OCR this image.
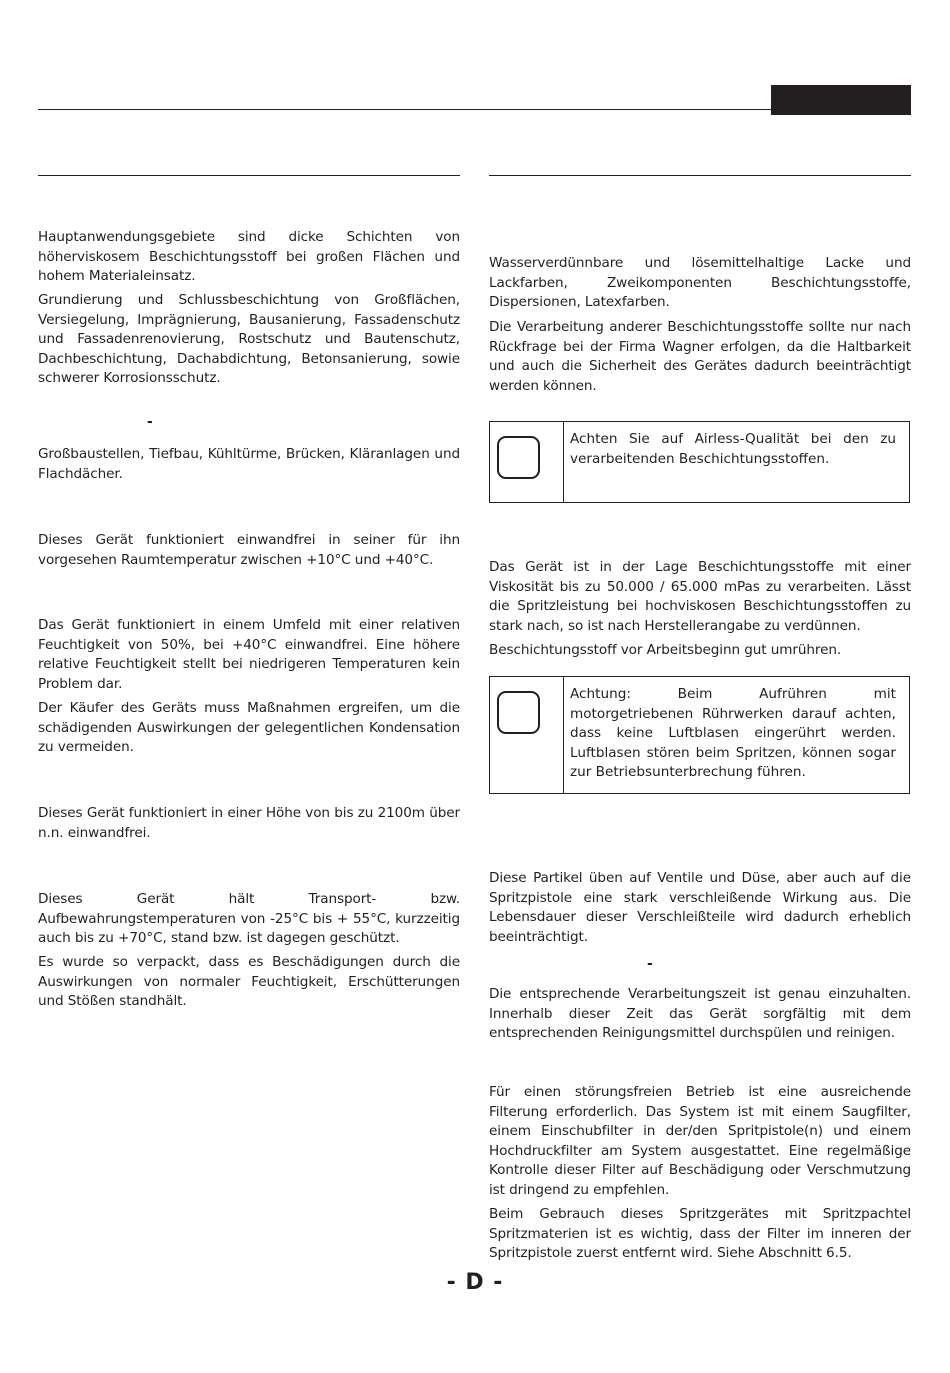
Hauptanwendungsgebiete sind dicke Schichten von höherviskosem Beschichtungsstoff bei großen Flächen und hohem Materialeinsatz.

Grundierung und Schlussbeschichtung von Großflächen, Versiegelung, Imprägnierung, Bausanierung, Fassadenschutz und Fassadenrenovierung, Rostschutz und Bautenschutz, Dachbeschichtung, Dachabdichtung, Betonsanierung, sowie schwerer Korrosionsschutz.

-

Großbaustellen, Tiefbau, Kühltürme, Brücken, Kläranlagen und Flachdächer.

Dieses Gerät funktioniert einwandfrei in seiner für ihn vorgesehen Raumtemperatur zwischen +10°C und +40°C.

Das Gerät funktioniert in einem Umfeld mit einer relativen Feuchtigkeit von 50%, bei +40°C einwandfrei. Eine höhere relative Feuchtigkeit stellt bei niedrigeren Temperaturen kein Problem dar.

Der Käufer des Geräts muss Maßnahmen ergreifen, um die schädigenden Auswirkungen der gelegentlichen Kondensation zu vermeiden.

Dieses Gerät funktioniert in einer Höhe von bis zu 2100m über n.n. einwandfrei.

Dieses Gerät hält Transport- bzw. Aufbewahrungstemperaturen von -25°C bis + 55°C, kurzzeitig auch bis zu +70°C, stand bzw. ist dagegen geschützt.

Es wurde so verpackt, dass es Beschädigungen durch die Auswirkungen von normaler Feuchtigkeit, Erschütterungen und Stößen standhält.

Wasserverdünnbare und lösemittelhaltige Lacke und Lackfarben, Zweikomponenten Beschichtungsstoffe, Dispersionen, Latexfarben.

Die Verarbeitung anderer Beschichtungsstoffe sollte nur nach Rückfrage bei der Firma Wagner erfolgen, da die Haltbarkeit und auch die Sicherheit des Gerätes dadurch beeinträchtigt werden können.

Achten Sie auf Airless-Qualität bei den zu verarbeitenden Beschichtungsstoffen.

Das Gerät ist in der Lage Beschichtungsstoffe mit einer Viskosität bis zu 50.000 / 65.000 mPas zu verarbeiten. Lässt die Spritzleistung bei hochviskosen Beschichtungsstoffen zu stark nach, so ist nach Herstellerangabe zu verdünnen.

Beschichtungsstoff vor Arbeitsbeginn gut umrühren.

Achtung: Beim Aufrühren mit motorgetriebenen Rührwerken darauf achten, dass keine Luftblasen eingerührt werden. Luftblasen stören beim Spritzen, können sogar zur Betriebsunterbrechung führen.

Diese Partikel üben auf Ventile und Düse, aber auch auf die Spritzpistole eine stark verschleißende Wirkung aus. Die Lebensdauer dieser Verschleißteile wird dadurch erheblich beeinträchtigt.

-

Die entsprechende Verarbeitungszeit ist genau einzuhalten. Innerhalb dieser Zeit das Gerät sorgfältig mit dem entsprechenden Reinigungsmittel durchspülen und reinigen.

Für einen störungsfreien Betrieb ist eine ausreichende Filterung erforderlich. Das System ist mit einem Saugfilter, einem Einschubfilter in der/den Spritpistole(n) und einem Hochdruckfilter am System ausgestattet. Eine regelmäßige Kontrolle dieser Filter auf Beschädigung oder Verschmutzung ist dringend zu empfehlen.

Beim Gebrauch dieses Spritzgerätes mit Spritzpachtel Spritzmaterien ist es wichtig, dass der Filter im inneren der Spritzpistole zuerst entfernt wird. Siehe Abschnitt 6.5.

- D -
